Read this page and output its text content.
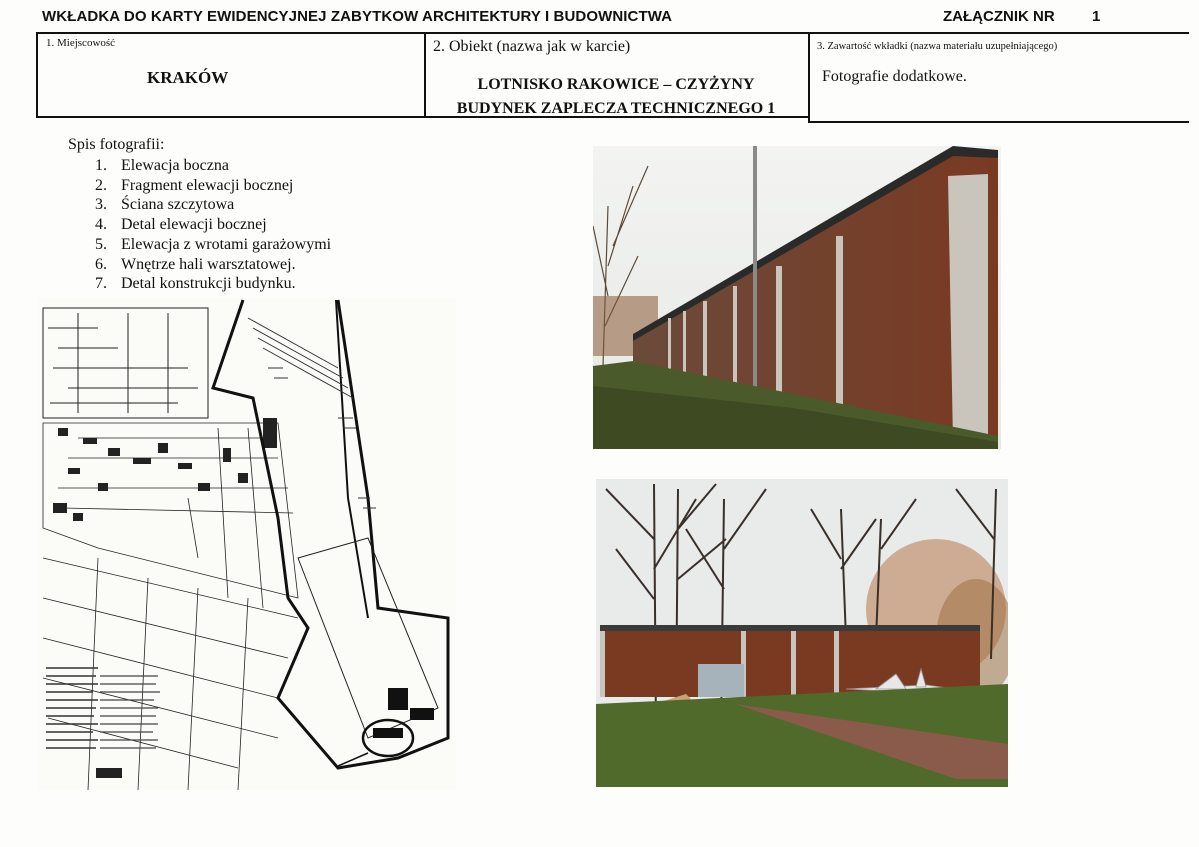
WKŁADKA DO KARTY EWIDENCYJNEJ ZABYTKOW ARCHITEKTURY I BUDOWNICTWA	ZAŁĄCZNIK NR 1
1. Miejscowość
KRAKÓW
2. Obiekt (nazwa jak w karcie)
LOTNISKO RAKOWICE – CZYŻYNY
BUDYNEK ZAPLECZA TECHNICZNEGO 1
3. Zawartość wkładki (nazwa materiału uzupełniającego)
Fotografie dodatkowe.
Spis fotografii:
1. Elewacja boczna
2. Fragment elewacji bocznej
3. Ściana szczytowa
4. Detal elewacji bocznej
5. Elewacja z wrotami garażowymi
6. Wnętrze hali warsztatowej.
7. Detal konstrukcji budynku.
